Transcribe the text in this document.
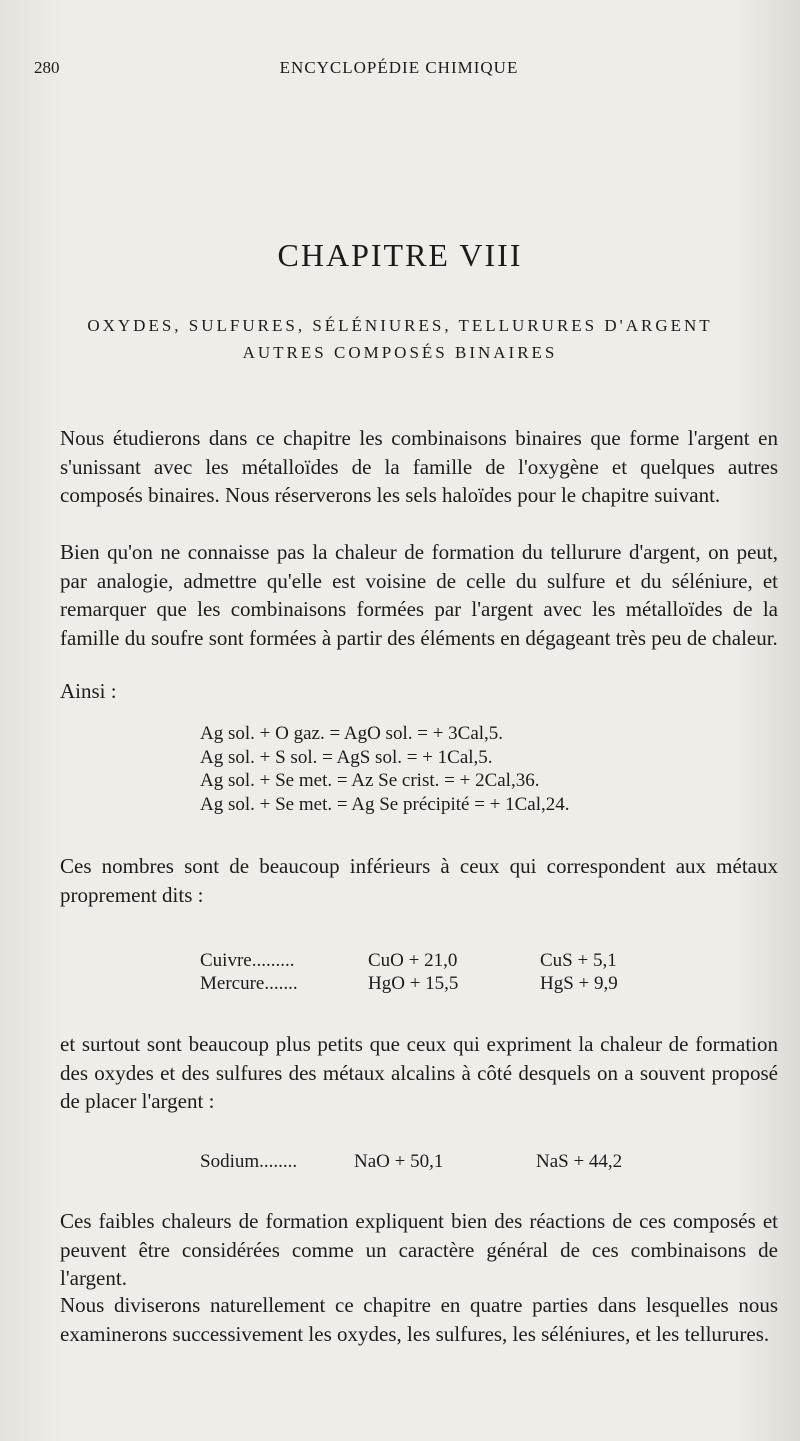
280	ENCYCLOPÉDIE CHIMIQUE
CHAPITRE VIII
OXYDES, SULFURES, SÉLÉNIURES, TELLURURES D'ARGENT
AUTRES COMPOSÉS BINAIRES

Nous étudierons dans ce chapitre les combinaisons binaires que forme l'argent en s'unissant avec les métalloïdes de la famille de l'oxygène et quelques autres composés binaires. Nous réserverons les sels haloïdes pour le chapitre suivant.

Bien qu'on ne connaisse pas la chaleur de formation du tellurure d'argent, on peut, par analogie, admettre qu'elle est voisine de celle du sulfure et du séléniure, et remarquer que les combinaisons formées par l'argent avec les métalloïdes de la famille du soufre sont formées à partir des éléments en dégageant très peu de chaleur.

Ainsi :

Ag sol. + O gaz. = AgO sol. = + 3Cal,5.
Ag sol. + S sol. = AgS sol. = + 1Cal,5.
Ag sol. + Se met. = Az Se crist. = + 2Cal,36.
Ag sol. + Se met. = Ag Se précipité = + 1Cal,24.

Ces nombres sont de beaucoup inférieurs à ceux qui correspondent aux métaux proprement dits :

Cuivre.........	CuO + 21,0	CuS + 5,1
Mercure.......	HgO + 15,5	HgS + 9,9

et surtout sont beaucoup plus petits que ceux qui expriment la chaleur de formation des oxydes et des sulfures des métaux alcalins à côté desquels on a souvent proposé de placer l'argent :

Sodium........	NaO + 50,1	NaS + 44,2

Ces faibles chaleurs de formation expliquent bien des réactions de ces composés et peuvent être considérées comme un caractère général de ces combinaisons de l'argent.

Nous diviserons naturellement ce chapitre en quatre parties dans lesquelles nous examinerons successivement les oxydes, les sulfures, les séléniures, et les tellurures.
